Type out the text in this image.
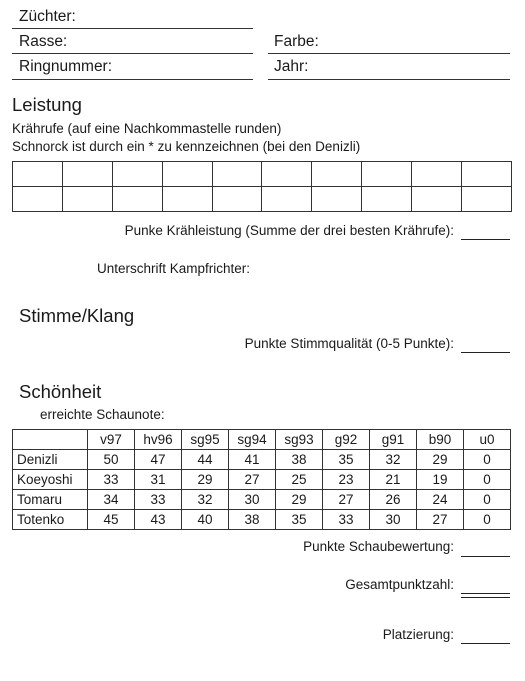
Züchter:
Rasse:
Ringnummer:
Farbe:
Jahr:
Leistung
Krährufe (auf eine Nachkommastelle runden)
Schnorck ist durch ein * zu kennzeichnen (bei den Denizli)

Punke Krähleistung (Summe der drei besten Krährufe):
Unterschrift Kampfrichter:
Stimme/Klang
Punkte Stimmqualität (0-5 Punkte):
Schönheit
erreichte Schaunote:
	v97	hv96	sg95	sg94	sg93	g92	g91	b90	u0
Denizli	50	47	44	41	38	35	32	29	0
Koeyoshi	33	31	29	27	25	23	21	19	0
Tomaru	34	33	32	30	29	27	26	24	0
Totenko	45	43	40	38	35	33	30	27	0
Punkte Schaubewertung:
Gesamtpunktzahl:
Platzierung:
